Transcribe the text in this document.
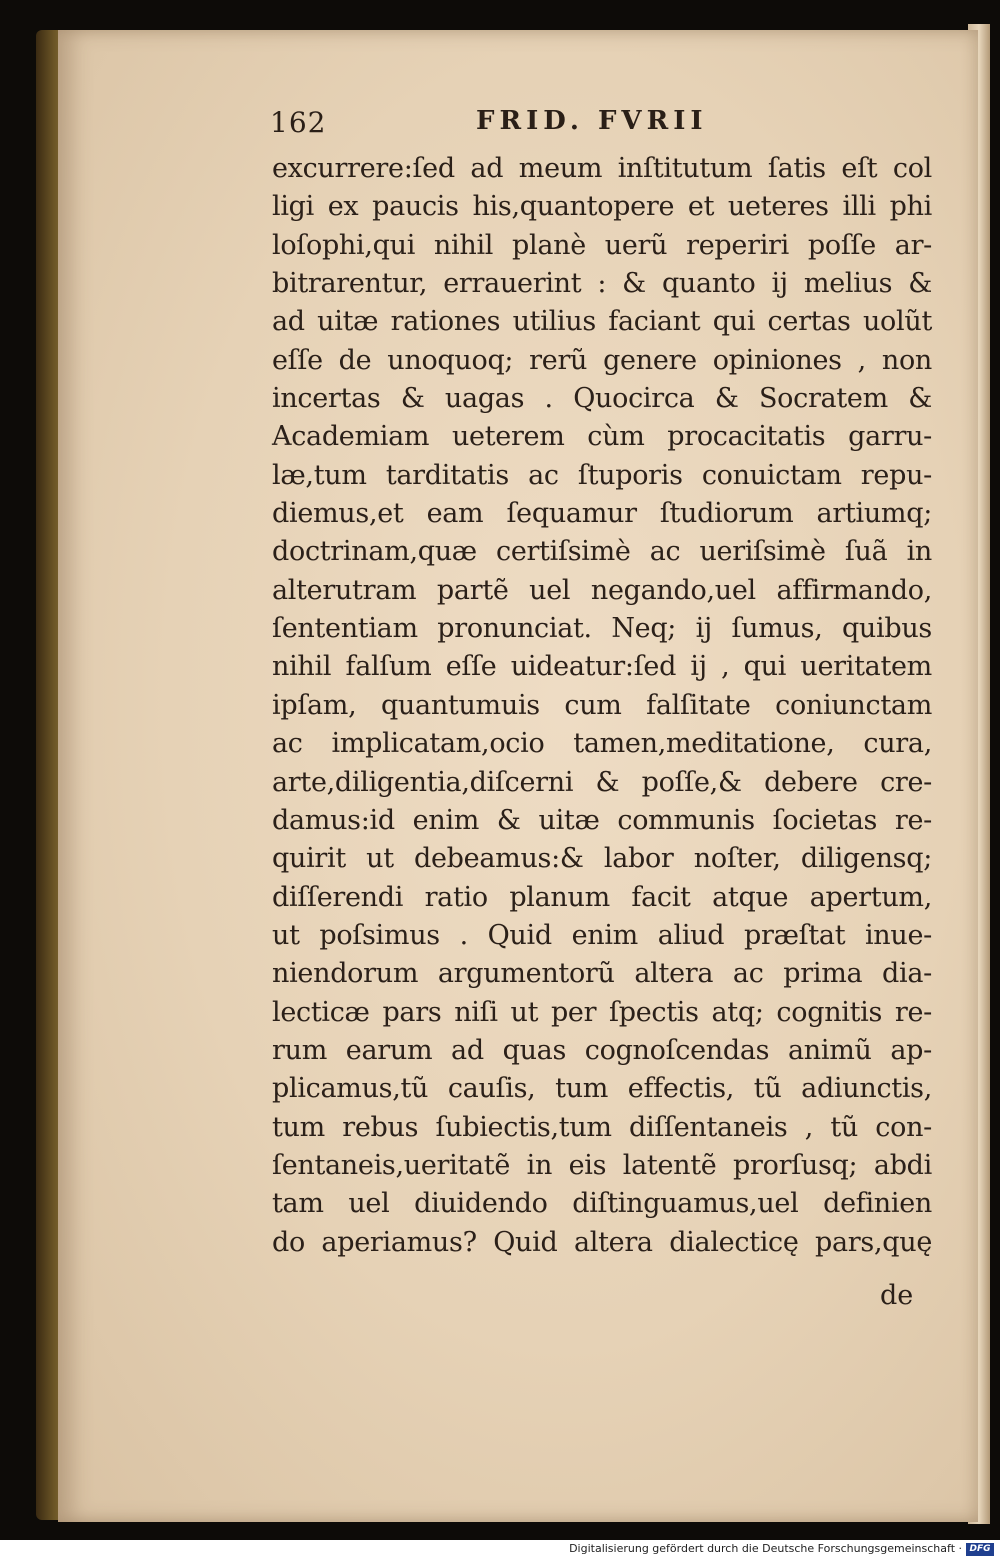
162	FRID. FVRII
excurrere:ſed ad meum inſtitutum ſatis eſt col
ligi ex paucis his,quantopere et ueteres illi phi
loſophi,qui nihil planè uerũ reperiri poſſe ar-
bitrarentur, errauerint : & quanto ij melius &
ad uitæ rationes utilius faciant qui certas uolũt
eſſe de unoquoq; rerũ genere opiniones , non
incertas & uagas . Quocirca & Socratem &
Academiam ueterem cùm procacitatis garru-
læ,tum tarditatis ac ſtuporis conuictam repu-
diemus,et eam ſequamur ſtudiorum artiumq;
doctrinam,quæ certiſsimè ac ueriſsimè ſuã in
alterutram partẽ uel negando,uel affirmando,
ſententiam pronunciat. Neq; ij ſumus, quibus
nihil falſum eſſe uideatur:ſed ij , qui ueritatem
ipſam, quantumuis cum falſitate coniunctam
ac implicatam,ocio tamen,meditatione, cura,
arte,diligentia,diſcerni & poſſe,& debere cre-
damus:id enim & uitæ communis ſocietas re-
quirit ut debeamus:& labor noſter, diligensq;
diſſerendi ratio planum facit atque apertum,
ut poſsimus . Quid enim aliud præſtat inue-
niendorum argumentorũ altera ac prima dia-
lecticæ pars niſi ut per ſpectis atq; cognitis re-
rum earum ad quas cognoſcendas animũ ap-
plicamus,tũ cauſis, tum effectis, tũ adiunctis,
tum rebus ſubiectis,tum diſſentaneis , tũ con-
ſentaneis,ueritatẽ in eis latentẽ prorſusq; abdi
tam uel diuidendo diſtinguamus,uel definien
do aperiamus? Quid altera dialecticę pars,quę
de
Digitalisierung gefördert durch die Deutsche Forschungsgemeinschaft · DFG
